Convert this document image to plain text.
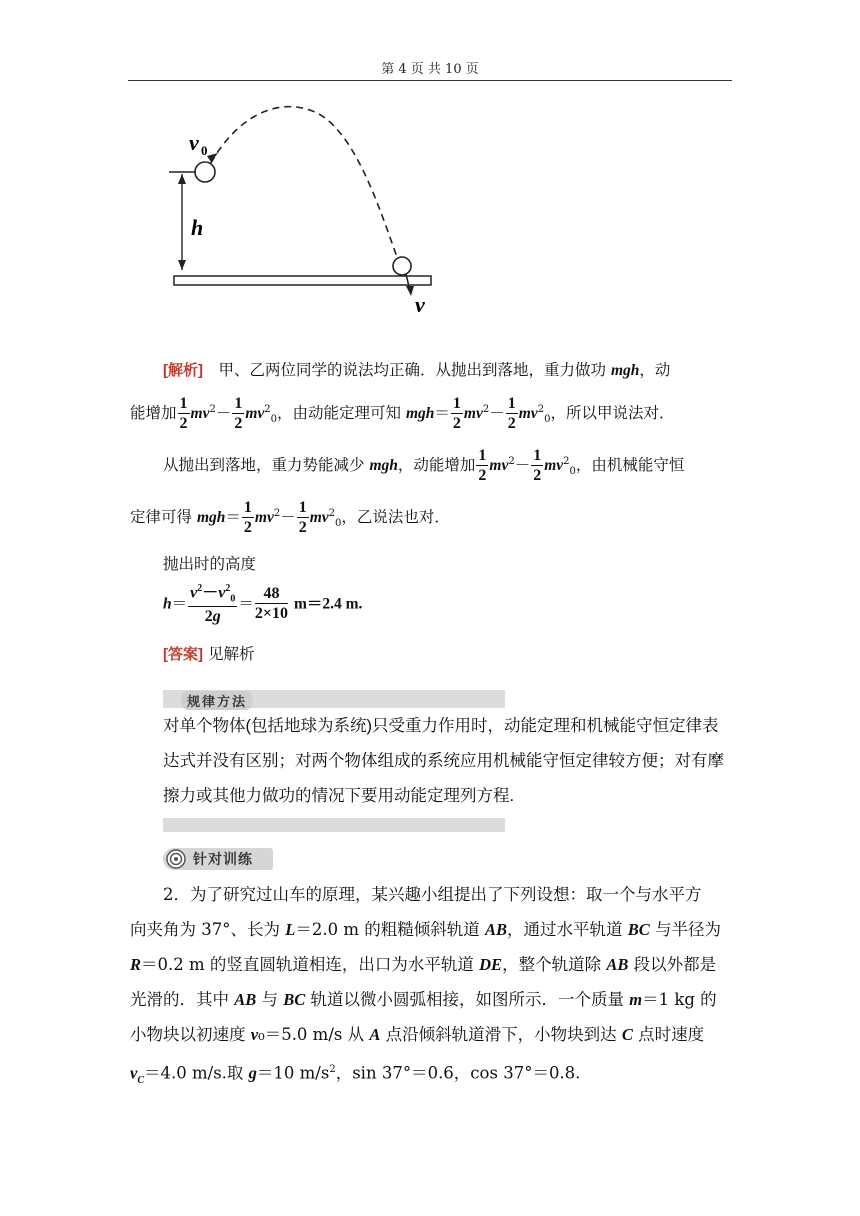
第 4 页 共 10 页
v 0
h
v
[解析]　甲、乙两位同学的说法均正确．从抛出到落地，重力做功 mgh，动
能增加 $\frac{1}{2} mv^2- \frac{1}{2} mv^2_0$，由动能定理可知 $mgh= \frac{1}{2} mv^2- \frac{1}{2} mv^2_0$，所以甲说法对．
从抛出到落地，重力势能减少 mgh，动能增加 $\frac{1}{2} mv^2- \frac{1}{2} mv^2_0$，由机械能守恒
定律可得 $mgh= \frac{1}{2} mv^2- \frac{1}{2} mv^2_0$，乙说法也对．
抛出时的高度
$h= \frac{v^2-v^2_0}{2g} = \frac{48}{2\times 10} m=2.4$ m.
[答案] 见解析
规律方法
对单个物体(包括地球为系统)只受重力作用时，动能定理和机械能守恒定律表达式并没有区别；对两个物体组成的系统应用机械能守恒定律较方便；对有摩擦力或其他力做功的情况下要用动能定理列方程.
针对训练
2．为了研究过山车的原理，某兴趣小组提出了下列设想：取一个与水平方
向夹角为 37°、长为 L＝2.0 m 的粗糙倾斜轨道 AB，通过水平轨道 BC 与半径为
R＝0.2 m 的竖直圆轨道相连，出口为水平轨道 DE，整个轨道除 AB 段以外都是
光滑的．其中 AB 与 BC 轨道以微小圆弧相接，如图所示．一个质量 m＝1 kg 的
小物块以初速度 v₀＝5.0 m/s 从 A 点沿倾斜轨道滑下，小物块到达 C 点时速度
$v_C=4.0$ m/s.取 g＝10 $m/s^2$，sin 37°＝0.6，cos 37°＝0.8.
